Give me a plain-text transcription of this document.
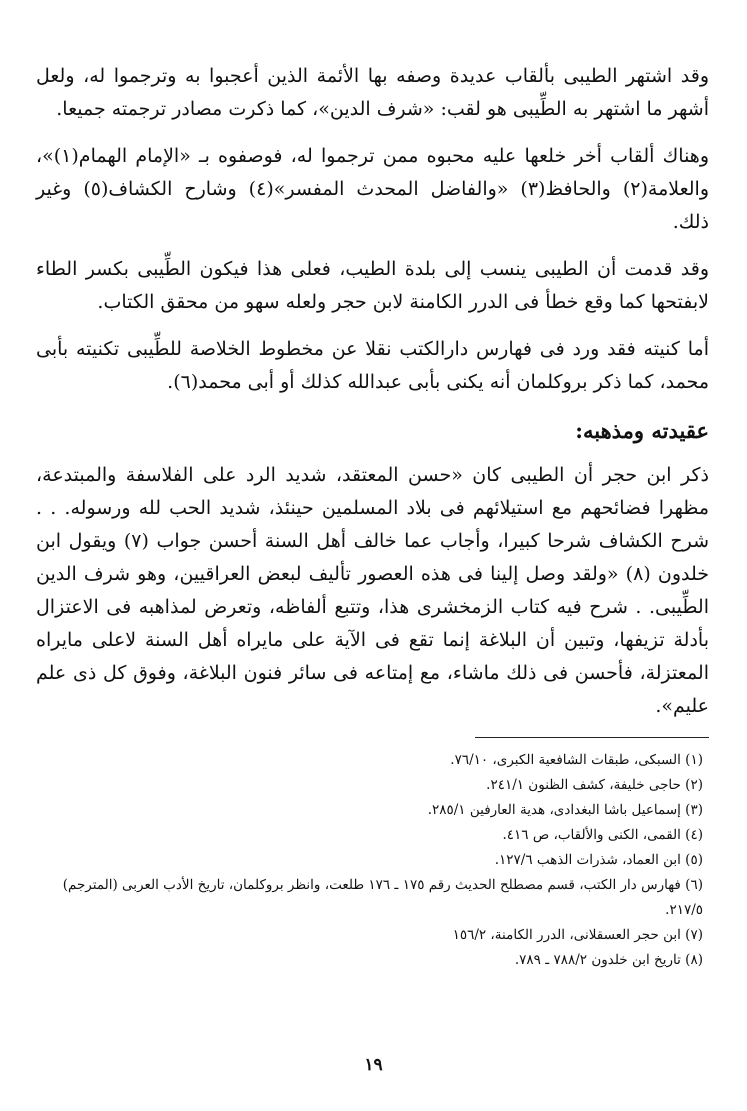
وقد اشتهر الطيبى بألقاب عديدة وصفه بها الأئمة الذين أعجبوا به وترجموا له، ولعل أشهر ما اشتهر به الطِّيبى هو لقب: «شرف الدين»، كما ذكرت مصادر ترجمته جميعا.

وهناك ألقاب أخر خلعها عليه محبوه ممن ترجموا له، فوصفوه بـ «الإمام الهمام(١)»، والعلامة(٢) والحافظ(٣) «والفاضل المحدث المفسر»(٤) وشارح الكشاف(٥) وغير ذلك.

وقد قدمت أن الطيبى ينسب إلى بلدة الطيب، فعلى هذا فيكون الطِّيبى بكسر الطاء لابفتحها كما وقع خطأ فى الدرر الكامنة لابن حجر ولعله سهو من محقق الكتاب.

أما كنيته فقد ورد فى فهارس دارالكتب نقلا عن مخطوط الخلاصة للطِّيبى تكنيته بأبى محمد، كما ذكر بروكلمان أنه يكنى بأبى عبدالله كذلك أو أبى محمد(٦).

عقيدته ومذهبه:

ذكر ابن حجر أن الطيبى كان «حسن المعتقد، شديد الرد على الفلاسفة والمبتدعة، مظهرا فضائحهم مع استيلائهم فى بلاد المسلمين حينئذ، شديد الحب لله ورسوله. . . شرح الكشاف شرحا كبيرا، وأجاب عما خالف أهل السنة أحسن جواب (٧) ويقول ابن خلدون (٨) «ولقد وصل إلينا فى هذه العصور تأليف لبعض العراقيين، وهو شرف الدين الطِّيبى. . شرح فيه كتاب الزمخشرى هذا، وتتبع ألفاظه، وتعرض لمذاهبه فى الاعتزال بأدلة تزيفها، وتبين أن البلاغة إنما تقع فى الآية على مايراه أهل السنة لاعلى مايراه المعتزلة، فأحسن فى ذلك ماشاء، مع إمتاعه فى سائر فنون البلاغة، وفوق كل ذى علم عليم».

(١) السبكى، طبقات الشافعية الكبرى، ٧٦/١٠.

(٢) حاجى خليفة، كشف الظنون ٢٤١/١.

(٣) إسماعيل باشا البغدادى، هدية العارفين ٢٨٥/١.

(٤) القمى، الكنى والألقاب، ص ٤١٦.

(٥) ابن العماد، شذرات الذهب ١٢٧/٦.

(٦) فهارس دار الكتب، قسم مصطلح الحديث رقم ١٧٥ ـ ١٧٦ طلعت، وانظر بروكلمان، تاريخ الأدب العربى (المترجم) ٢١٧/٥.

(٧) ابن حجر العسقلانى، الدرر الكامنة، ١٥٦/٢

(٨) تاريخ ابن خلدون ٧٨٨/٢ ـ ٧٨٩.

١٩
